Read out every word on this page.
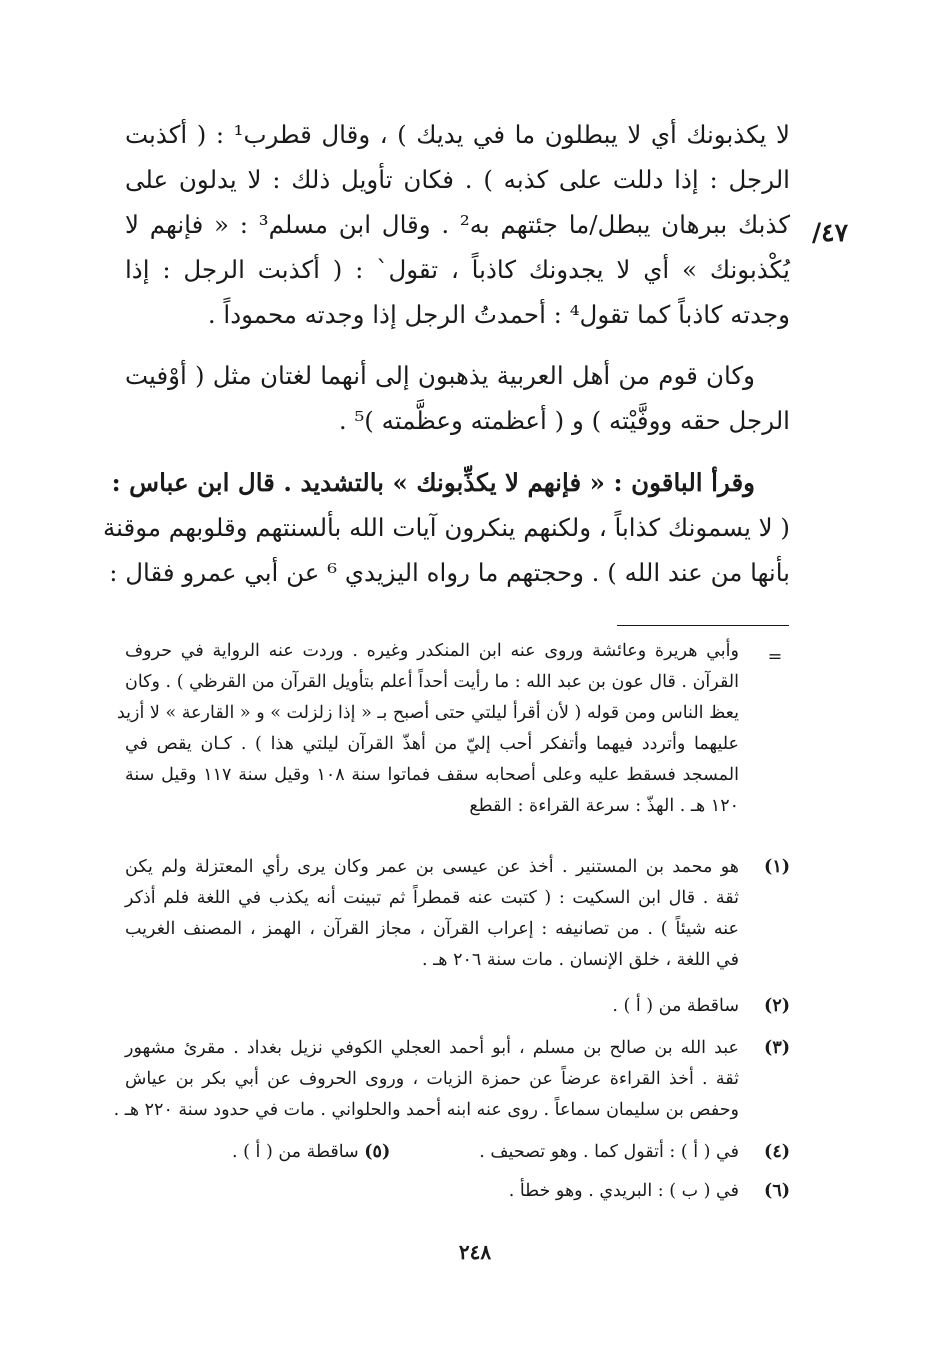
٤٧/

لا يكذبونك أي لا يبطلون ما في يديك ) ، وقال قطرب¹ : ( أكذبت

الرجل : إذا دللت على كذبه ) . فكان تأويل ذلك : لا يدلون على

كذبك ببرهان يبطل/ما جئتهم به² . وقال ابن مسلم³ : « فإنهم لا

يُكْذبونك » أي لا يجدونك كاذباً ، تقول` : ( أكذبت الرجل : إذا

وجدته كاذباً كما تقول⁴ : أحمدتُ الرجل إذا وجدته محموداً .

وكان قوم من أهل العربية يذهبون إلى أنهما لغتان مثل ( أوْفيت

الرجل حقه ووفَّيْته ) و ( أعظمته وعظَّمته )⁵ .

وقرأ الباقون : « فإنهم لا يكذِّبونك » بالتشديد . قال ابن عباس :

( لا يسمونك كذاباً ، ولكنهم ينكرون آيات الله بألسنتهم وقلوبهم موقنة

بأنها من عند الله ) . وحجتهم ما رواه اليزيدي ⁶ عن أبي عمرو فقال :

=

وأبي هريرة وعائشة وروى عنه ابن المنكدر وغيره . وردت عنه الرواية في حروف

القرآن . قال عون بن عبد الله : ما رأيت أحداً أعلم بتأويل القرآن من القرظي ) . وكان

يعظ الناس ومن قوله ( لأن أقرأ ليلتي حتى أصبح بـ « إذا زلزلت » و « القارعة » لا أزيد

عليهما وأتردد فيهما وأتفكر أحب إليّ من أهذّ القرآن ليلتي هذا ) . كـان يقص في

المسجد فسقط عليه وعلى أصحابه سقف فماتوا سنة ١٠٨ وقيل سنة ١١٧ وقيل سنة

١٢٠ هـ . الهذّ : سرعة القراءة : القطع

(١)

هو محمد بن المستنير . أخذ عن عيسى بن عمر وكان يرى رأي المعتزلة ولم يكن

ثقة . قال ابن السكيت : ( كتبت عنه قمطراً ثم تبينت أنه يكذب في اللغة فلم أذكر

عنه شيئاً ) . من تصانيفه : إعراب القرآن ، مجاز القرآن ، الهمز ، المصنف الغريب

في اللغة ، خلق الإنسان . مات سنة ٢٠٦ هـ .

(٢)

ساقطة من ( أ ) .

(٣)

عبد الله بن صالح بن مسلم ، أبو أحمد العجلي الكوفي نزيل بغداد . مقرئ مشهور

ثقة . أخذ القراءة عرضاً عن حمزة الزيات ، وروى الحروف عن أبي بكر بن عياش

وحفص بن سليمان سماعاً . روى عنه ابنه أحمد والحلواني . مات في حدود سنة ٢٢٠ هـ .

(٤)

في ( أ ) : أتقول كما . وهو تصحيف .

(٥) ساقطة من ( أ ) .
(٦)

في ( ب ) : البريدي . وهو خطأ .

٢٤٨
